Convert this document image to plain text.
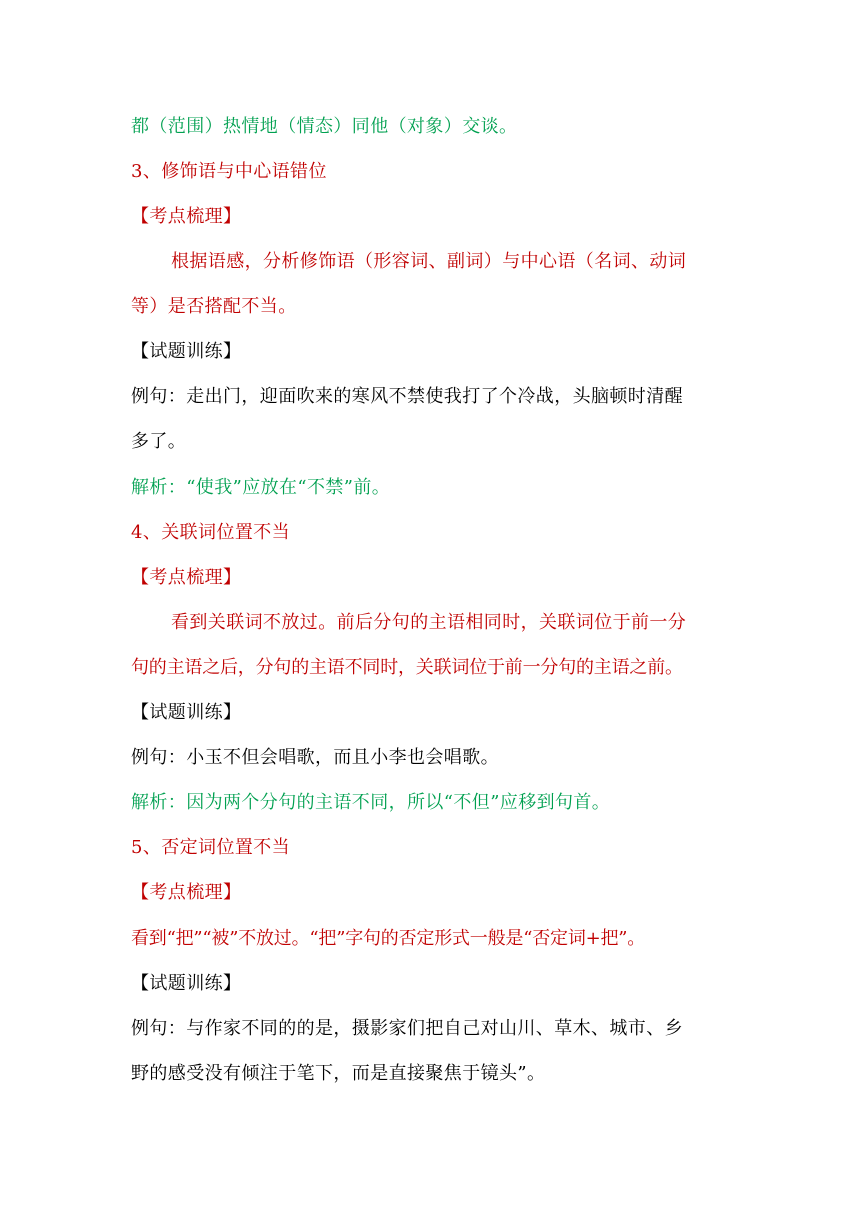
都（范围）热情地（情态）同他（对象）交谈。
3、修饰语与中心语错位
【考点梳理】
根据语感，分析修饰语（形容词、副词）与中心语（名词、动词
等）是否搭配不当。
【试题训练】
例句：走出门，迎面吹来的寒风不禁使我打了个冷战，头脑顿时清醒
多了。
解析：“使我”应放在“不禁”前。
4、关联词位置不当
【考点梳理】
看到关联词不放过。前后分句的主语相同时，关联词位于前一分
句的主语之后，分句的主语不同时，关联词位于前一分句的主语之前。
【试题训练】
例句：小玉不但会唱歌，而且小李也会唱歌。
解析：因为两个分句的主语不同，所以“不但”应移到句首。
5、否定词位置不当
【考点梳理】
看到“把”“被”不放过。“把”字句的否定形式一般是“否定词+把”。
【试题训练】
例句：与作家不同的的是，摄影家们把自己对山川、草木、城市、乡
野的感受没有倾注于笔下，而是直接聚焦于镜头”。
